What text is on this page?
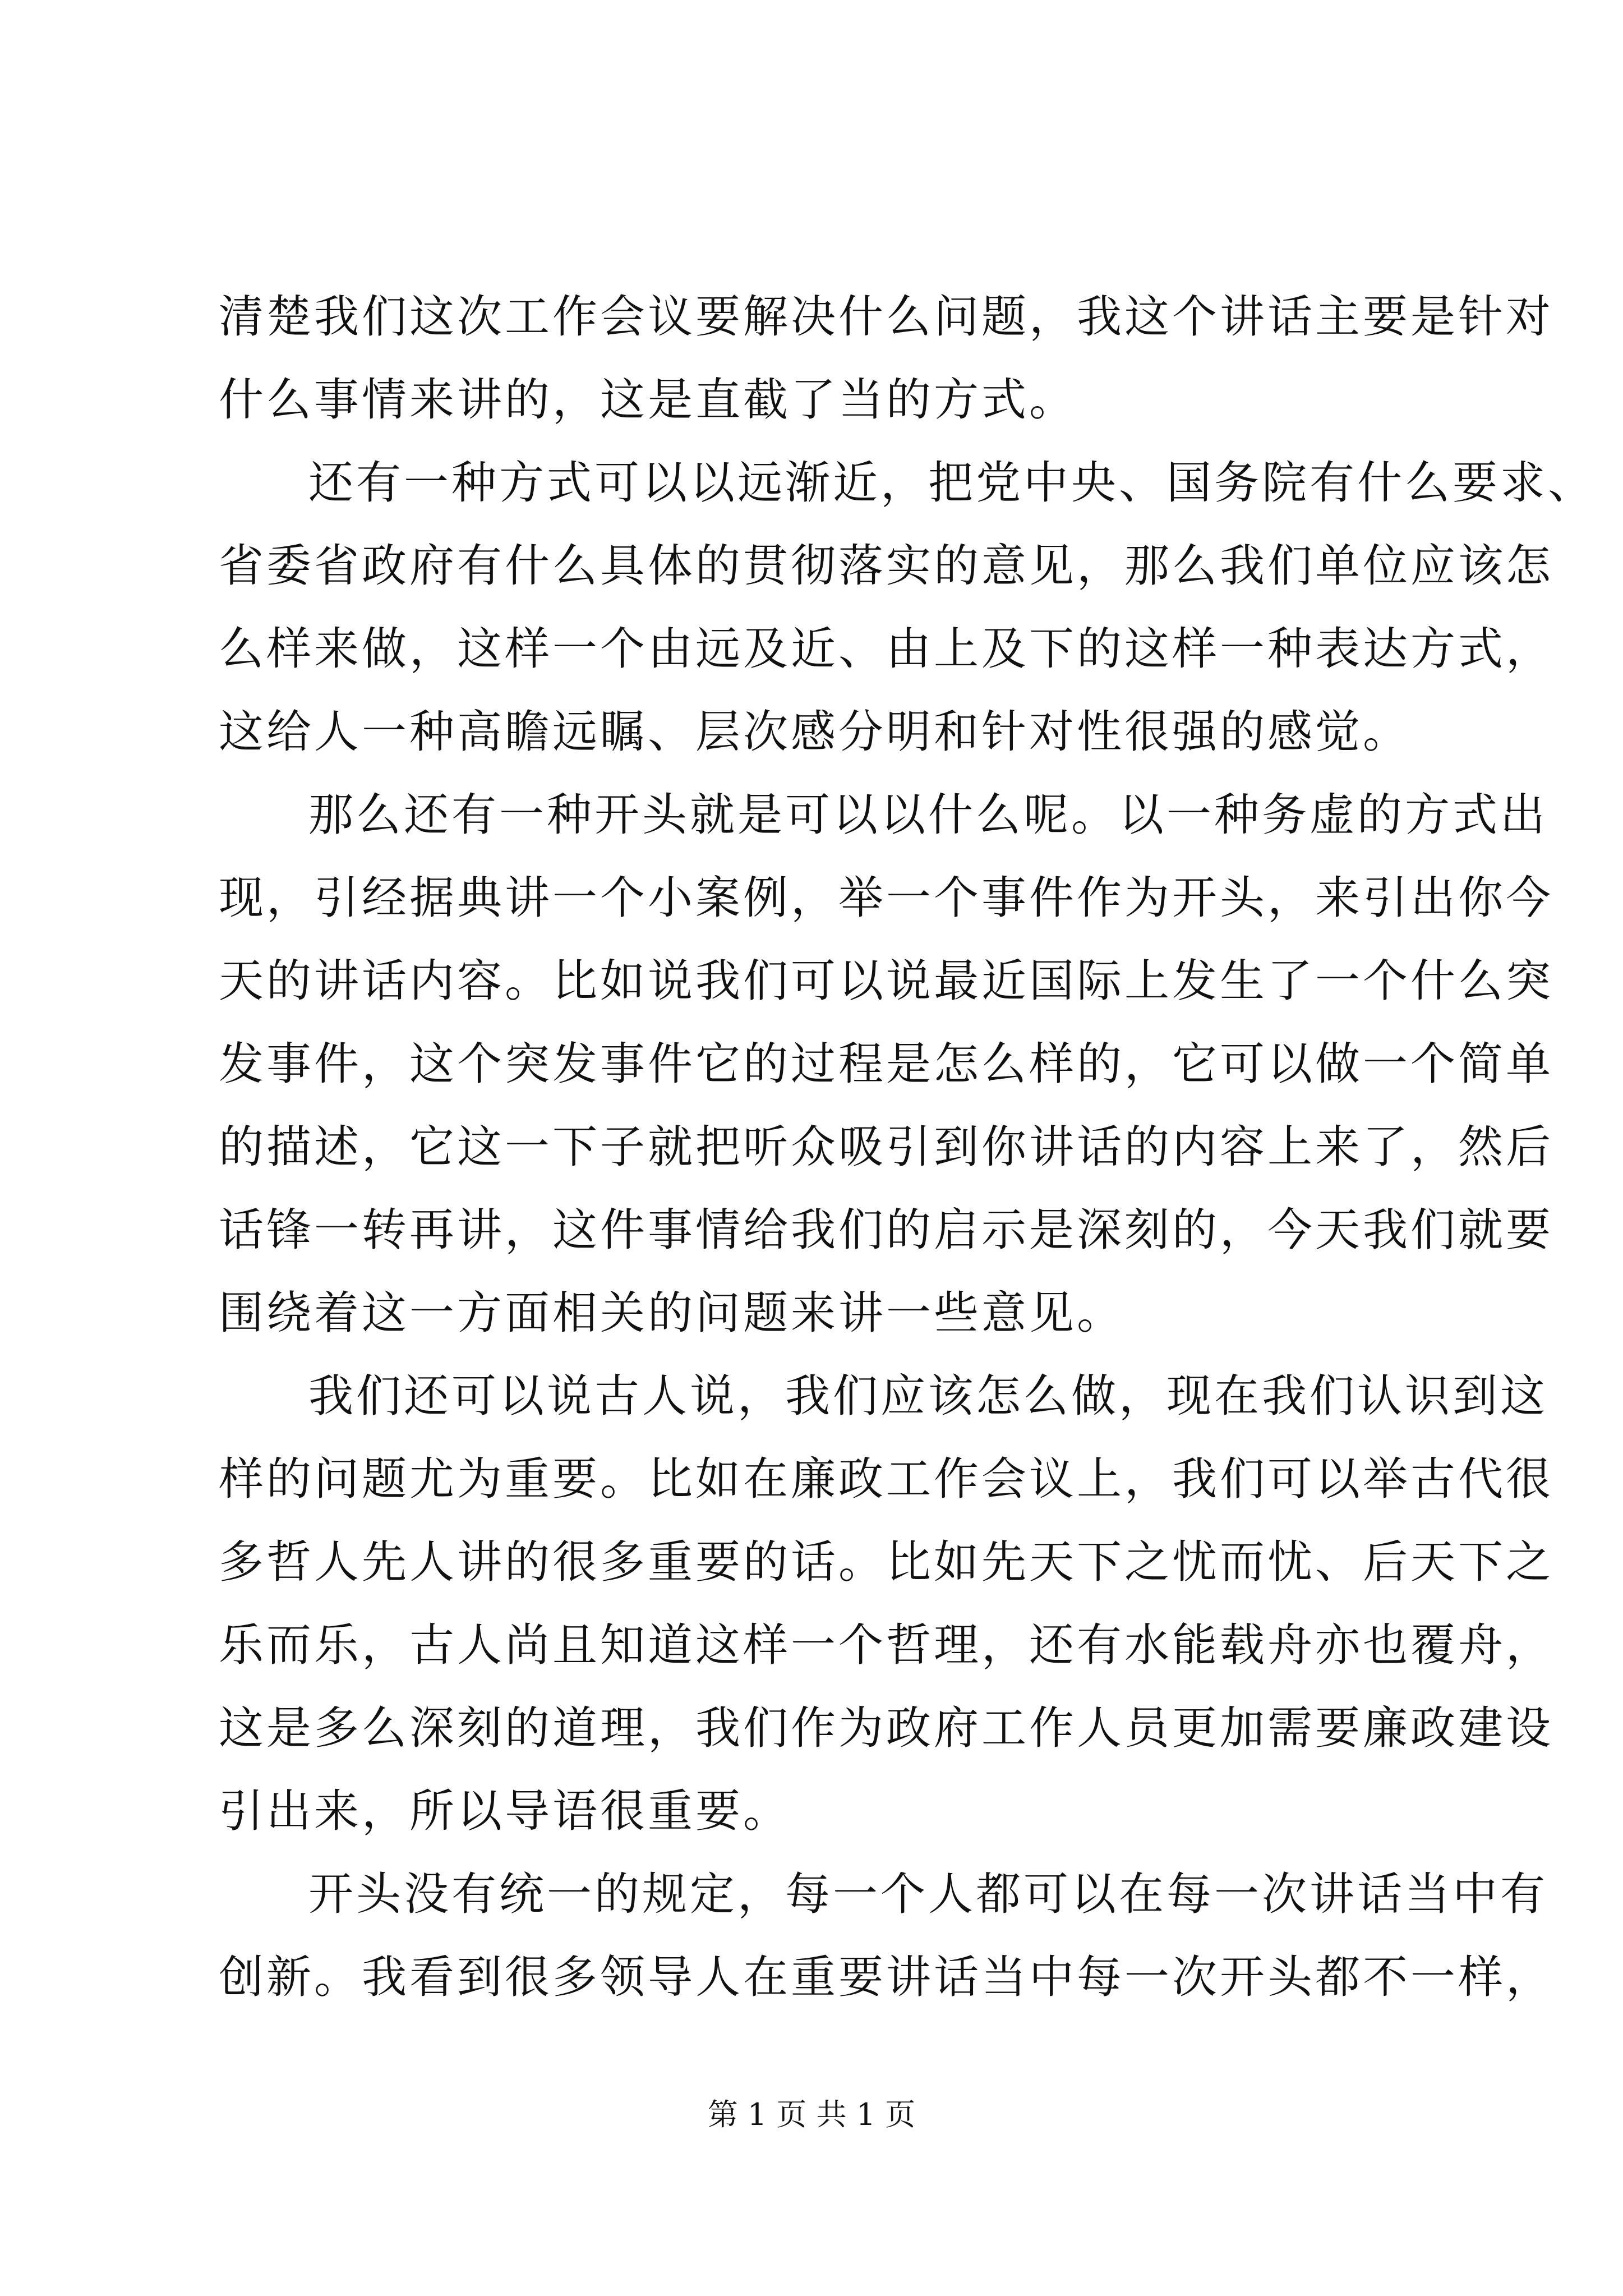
清楚我们这次工作会议要解决什么问题，我这个讲话主要是针对
什么事情来讲的，这是直截了当的方式。
还有一种方式可以以远渐近，把党中央、国务院有什么要求、
省委省政府有什么具体的贯彻落实的意见，那么我们单位应该怎
么样来做，这样一个由远及近、由上及下的这样一种表达方式，
这给人一种高瞻远瞩、层次感分明和针对性很强的感觉。
那么还有一种开头就是可以以什么呢。以一种务虚的方式出
现，引经据典讲一个小案例，举一个事件作为开头，来引出你今
天的讲话内容。比如说我们可以说最近国际上发生了一个什么突
发事件，这个突发事件它的过程是怎么样的，它可以做一个简单
的描述，它这一下子就把听众吸引到你讲话的内容上来了，然后
话锋一转再讲，这件事情给我们的启示是深刻的，今天我们就要
围绕着这一方面相关的问题来讲一些意见。
我们还可以说古人说，我们应该怎么做，现在我们认识到这
样的问题尤为重要。比如在廉政工作会议上，我们可以举古代很
多哲人先人讲的很多重要的话。比如先天下之忧而忧、后天下之
乐而乐，古人尚且知道这样一个哲理，还有水能载舟亦也覆舟，
这是多么深刻的道理，我们作为政府工作人员更加需要廉政建设
引出来，所以导语很重要。
开头没有统一的规定，每一个人都可以在每一次讲话当中有
创新。我看到很多领导人在重要讲话当中每一次开头都不一样，
第 1 页 共 1 页
